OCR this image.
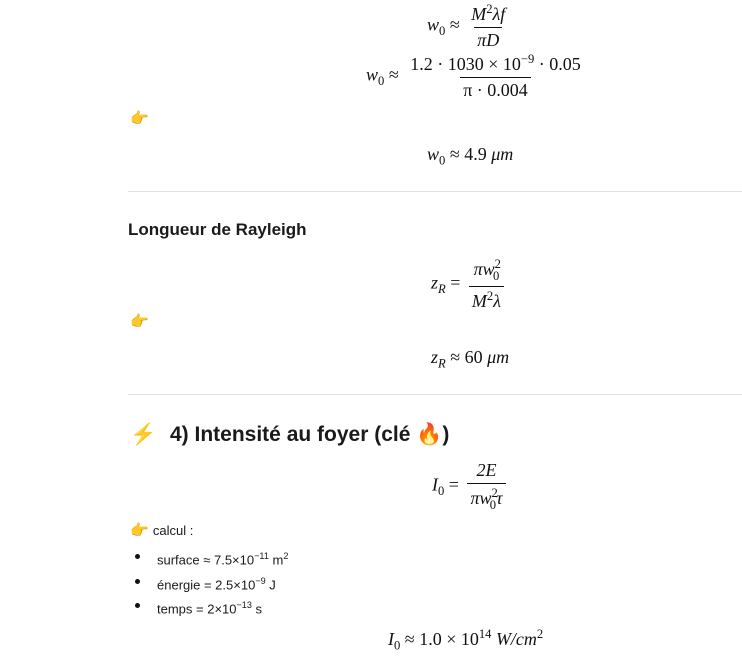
$w_0 \approx \frac{M^2\lambda f}{\pi D}$
$w_0 \approx \frac{1.2 \cdot 1030 \times 10^{-9} \cdot 0.05}{\pi \cdot 0.004}$
👉
$w_0 \approx 4.9$ μm
Longueur de Rayleigh
$z_R = \frac{\pi w^2_0}{M^2\lambda}$
👉
$z_R \approx 60$ μm
⚡ 4) Intensité au foyer (clé 🔥)
$I_0 = \frac{2E}{\pi w^2_0\tau}$
👉 calcul :
surface ≈ $7.5\times 10^{-11}$ $m^2$
énergie = $2.5\times 10^{-9}$ J
temps = $2\times 10^{-13}$ s
$I_0 \approx 1.0 \times 10^{14}$ $W/cm^2$
